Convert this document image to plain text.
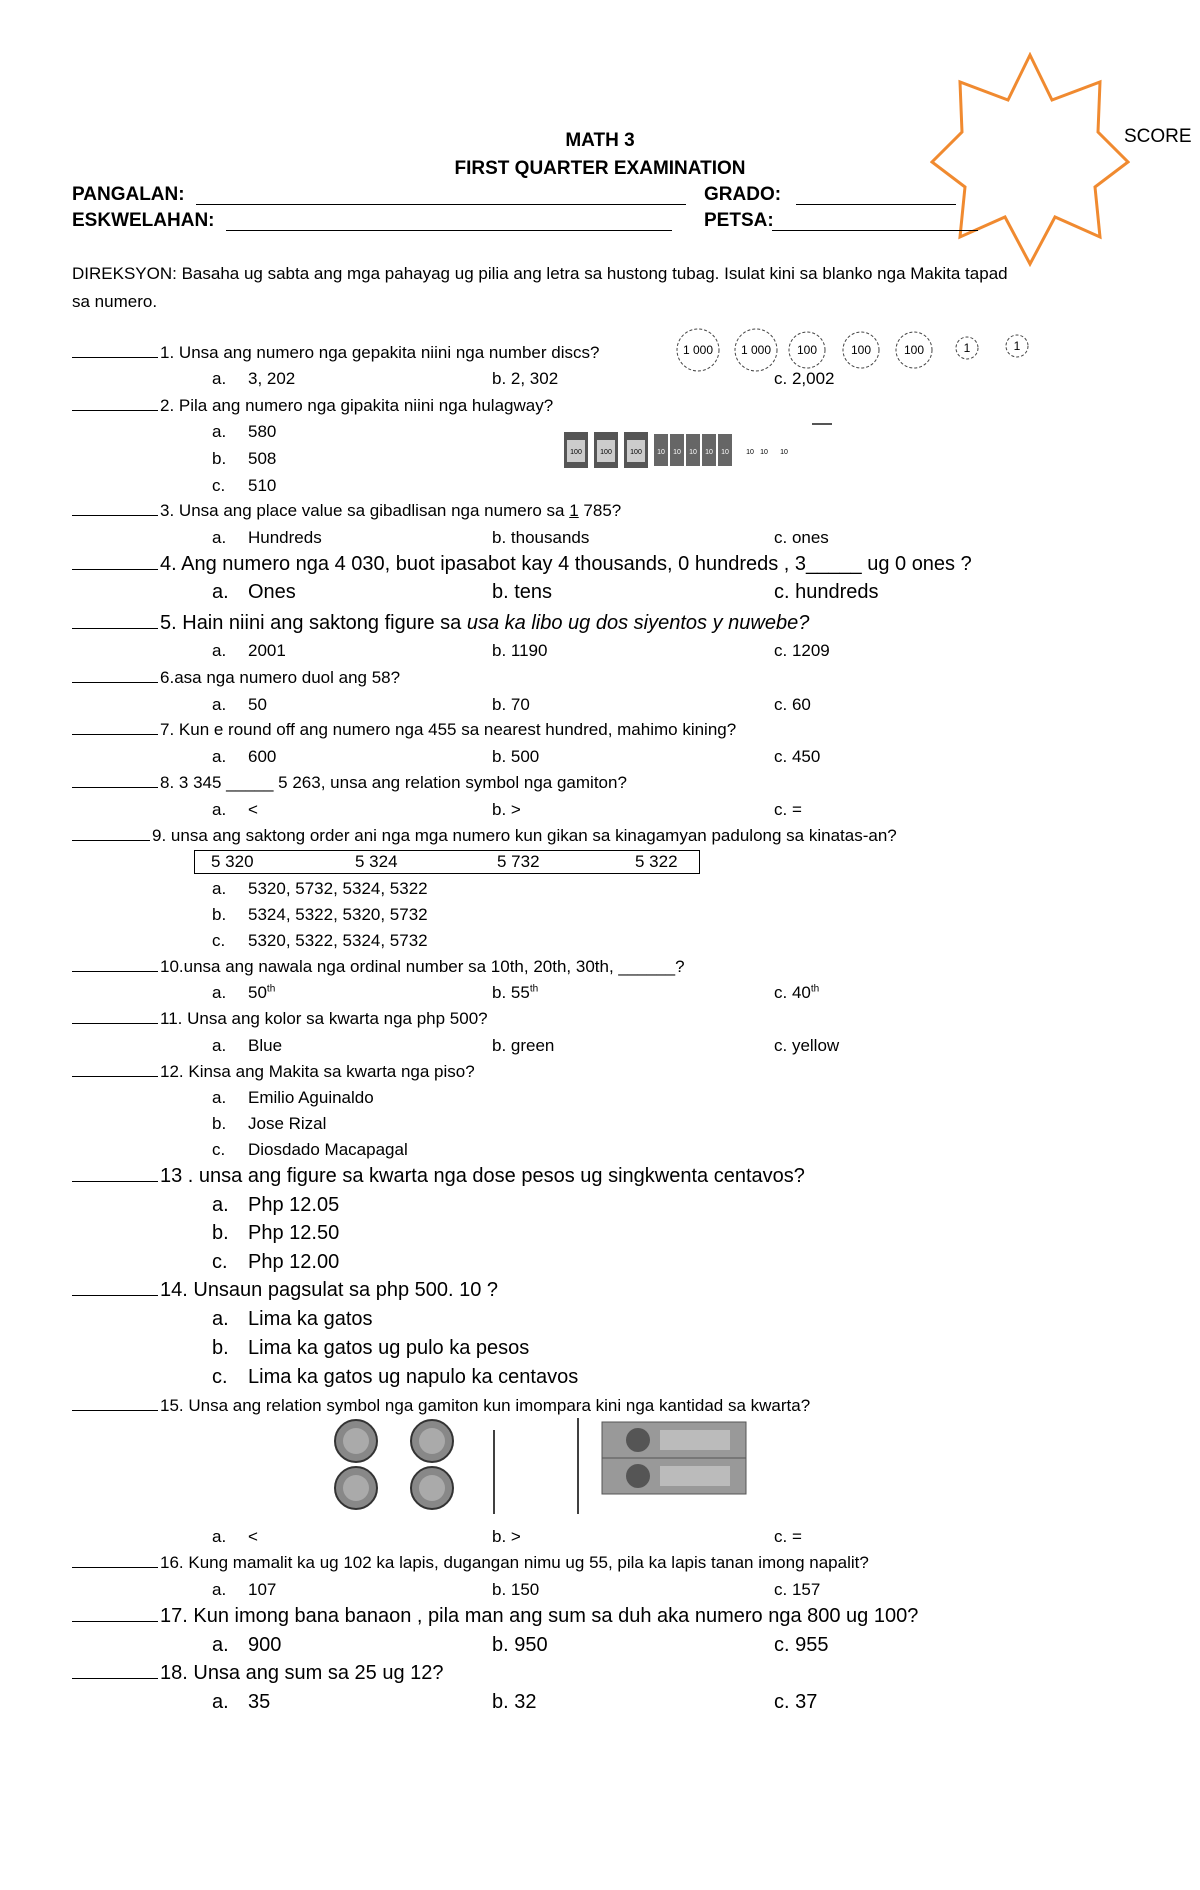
SCORE
MATH 3
FIRST QUARTER EXAMINATION
PANGALAN:	GRADO:
ESKWELAHAN:	PETSA:
DIREKSYON: Basaha ug sabta ang mga pahayag ug pilia ang letra sa hustong tubag. Isulat kini sa blanko nga Makita tapad
sa numero.
1. Unsa ang numero nga gepakita niini nga number discs?	1 000 1 000 100	100	100	1	1
a. 3, 202	b. 2, 302	c. 2,002
2. Pila ang numero nga gipakita niini nga hulagway?
100	100	100 10 10 10 10 10 10 10 10
a. 580
b. 508
c. 510
3. Unsa ang place value sa gibadlisan nga numero sa 1 785?
a. Hundreds	b. thousands	c. ones
4. Ang numero nga 4 030, buot ipasabot kay 4 thousands, 0 hundreds , 3_____ ug 0 ones ?
a. Ones	b. tens	c. hundreds
5. Hain niini ang saktong figure sa usa ka libo ug dos siyentos y nuwebe?
a. 2001	b. 1190	c. 1209
6.asa nga numero duol ang 58?
a. 50	b. 70	c. 60
7. Kun e round off ang numero nga 455 sa nearest hundred, mahimo kining?
a. 600	b. 500	c. 450
8. 3 345 _____ 5 263, unsa ang relation symbol nga gamiton?
a. <	b. >	c. =
9. unsa ang saktong order ani nga mga numero kun gikan sa kinagamyan padulong sa kinatas-an?
5 320	5 324	5 732	5 322
a. 5320, 5732, 5324, 5322
b. 5324, 5322, 5320, 5732
c. 5320, 5322, 5324, 5732
10.unsa ang nawala nga ordinal number sa 10th, 20th, 30th, ______?
a. 50th	b. 55th	c. 40th
11. Unsa ang kolor sa kwarta nga php 500?
a. Blue	b. green	c. yellow
12. Kinsa ang Makita sa kwarta nga piso?
a. Emilio Aguinaldo
b. Jose Rizal
c. Diosdado Macapagal
13 . unsa ang figure sa kwarta nga dose pesos ug singkwenta centavos?
a. Php 12.05
b. Php 12.50
c. Php 12.00
14. Unsaun pagsulat sa php 500. 10 ?
a. Lima ka gatos
b. Lima ka gatos ug pulo ka pesos
c. Lima ka gatos ug napulo ka centavos
15. Unsa ang relation symbol nga gamiton kun imompara kini nga kantidad sa kwarta?
a. <	b. >	c. =
16. Kung mamalit ka ug 102 ka lapis, dugangan nimu ug 55, pila ka lapis tanan imong napalit?
a. 107	b. 150	c. 157
17. Kun imong bana banaon , pila man ang sum sa duh aka numero nga 800 ug 100?
a. 900	b. 950	c. 955
18. Unsa ang sum sa 25 ug 12?
a. 35	b. 32	c. 37
